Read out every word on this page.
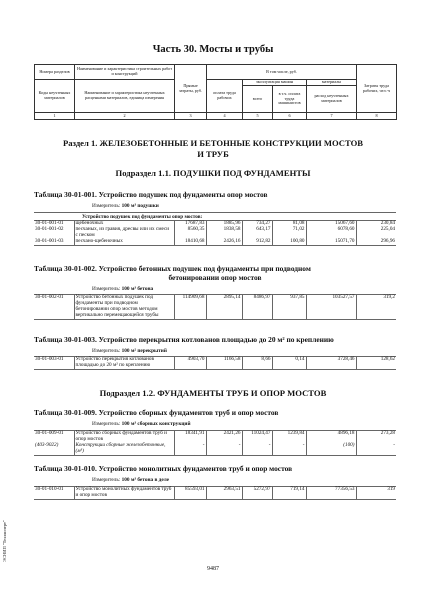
Часть 30. Мосты и трубы
Номера разделов	Наименование и характеристика строительных работ и конструкций	Прямые затраты, руб.	В том числе, руб.				Затраты труда рабочих, чел.-ч
Коды неучтенных материалов	Наименование и характеристика неучтенных расценками материалов, единица измерения		оплата труда рабочих	эксплуатация машин		материалы	
				всего	в т.ч. оплата труда машинистов	расход неучтенных материалов	
1	2	3	4	5	6	7	8
Раздел 1. ЖЕЛЕЗОБЕТОННЫЕ И БЕТОННЫЕ КОНСТРУКЦИИ МОСТОВ
И ТРУБ
Подраздел 1.1. ПОДУШКИ ПОД ФУНДАМЕНТЫ
Таблица 30-01-001. Устройство подушек под фундаменты опор мостов
Измеритель: 100 м³ подушки
Устройство подушек под фундаменты опор мостов:
30-01-001-01	щебеночных	17687,83	1885,96	734,27	81,08	15067,60	230,84
30-01-001-02	песчаных, из гравия, дресвы или их смеси с песком	8560,35	1838,58	643,17	71,02	6078,60	225,04
30-01-001-03	песчано-щебеночных	18410,68	2426,16	912,82	100,80	15071,70	296,96
Таблица 30-01-002. Устройство бетонных подушек под фундаменты при подводном
бетонировании опор мостов
Измеритель: 100 м³ бетона
30-01-002-01	Устройство бетонных подушек под фундаменты при подводном бетонировании опор мостов методом вертикально перемещающейся трубы	114909,68	2895,14	8486,97	937,85	103527,57	319,2
Таблица 30-01-003. Устройство перекрытия котлованов площадью до 20 м² по креплению
Измеритель: 100 м² перекрытий
30-01-003-01	Устройство перекрытия котлованов площадью до 20 м² по креплению	4903,70	1166,58	8,66	0,14	3728,46	128,62
Подраздел 1.2. ФУНДАМЕНТЫ ТРУБ И ОПОР МОСТОВ
Таблица 30-01-009. Устройство сборных фундаментов труб и опор мостов
Измеритель: 100 м³ сборных конструкций
30-01-009-01	Устройство сборных фундаментов труб и опор мостов	18341,91	2421,26	11024,47	1239,84	4896,18	273,28
(403-9022)	Конструкции сборные железобетонные, (м³)	-	-	-	-	(100)	-
Таблица 30-01-010. Устройство монолитных фундаментов труб и опор мостов
Измеритель: 100 м³ бетона в деле
30-01-010-01	Устройство монолитных фундаментов труб и опор мостов	85593,01	2963,51	5272,97	719,14	77356,53	319
9487
ЭСНИП "Техэксперт"
